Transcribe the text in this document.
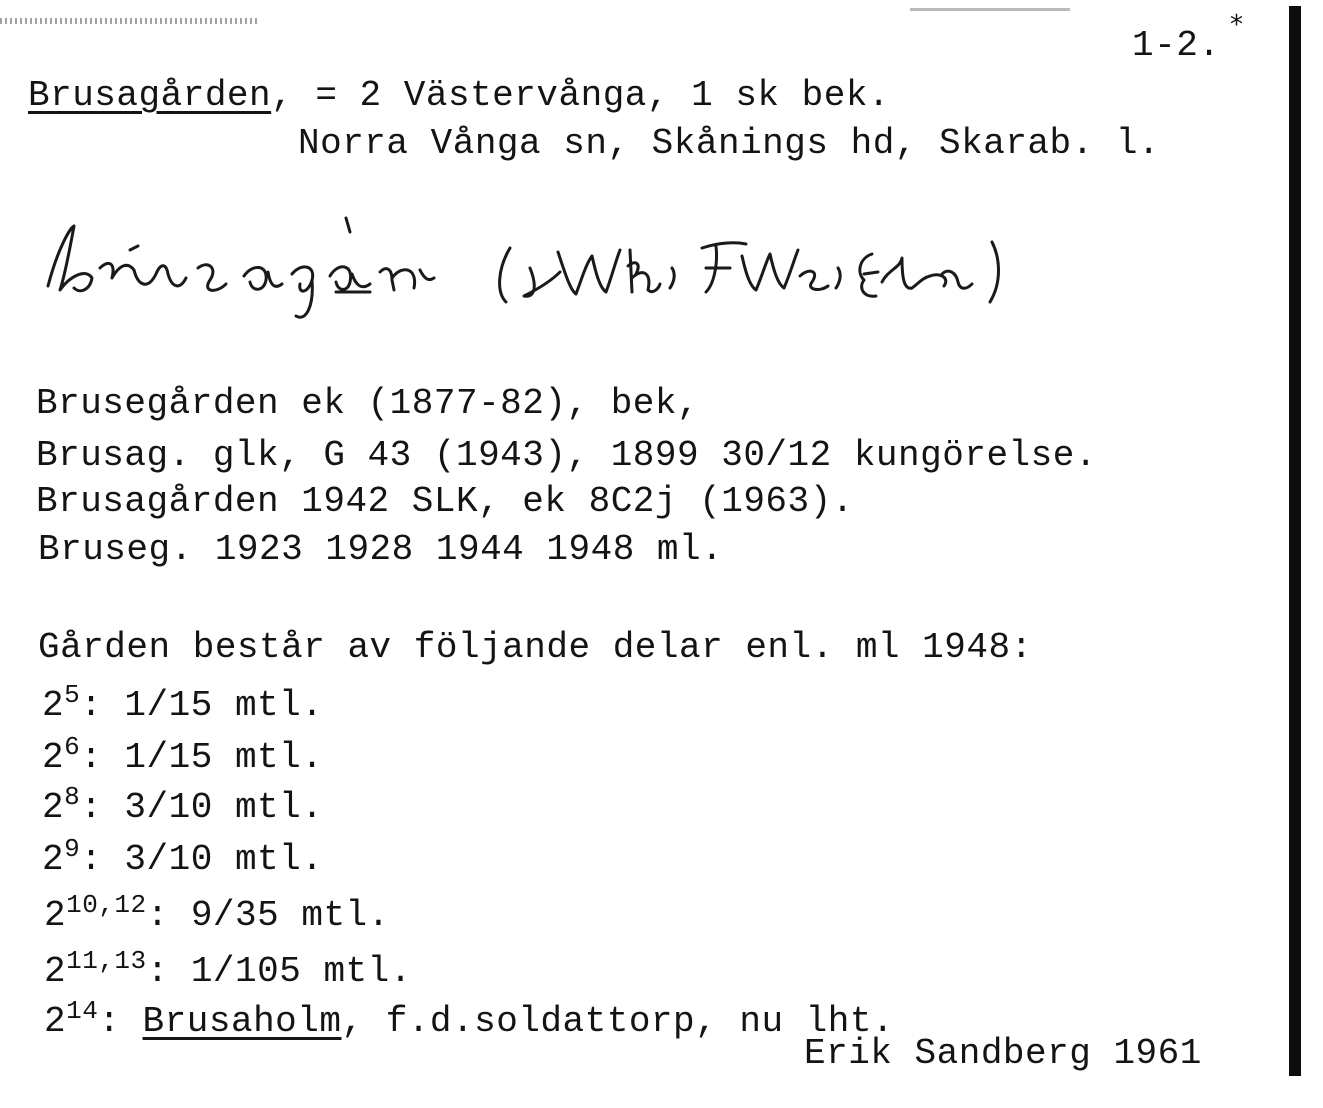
1-2. *
Brusagården, = 2 Västervånga, 1 sk bek.
Norra Vånga sn, Skånings hd, Skarab. l.
Brusegården ek (1877-82), bek,
Brusag. glk, G 43 (1943), 1899 30/12 kungörelse.
Brusagården 1942 SLK, ek 8C2j (1963).
Bruseg. 1923 1928 1944 1948 ml.
Gården består av följande delar enl. ml 1948:
$2^5$: 1/15 mtl.
$2^6$: 1/15 mtl.
$2^8$: 3/10 mtl.
$2^9$: 3/10 mtl.
2$^{10,12}$: 9/35 mtl.
2$^{11,13}$: 1/105 mtl.
$2^{14}$: Brusaholm, f.d.soldattorp, nu lht.
Erik Sandberg 1961
